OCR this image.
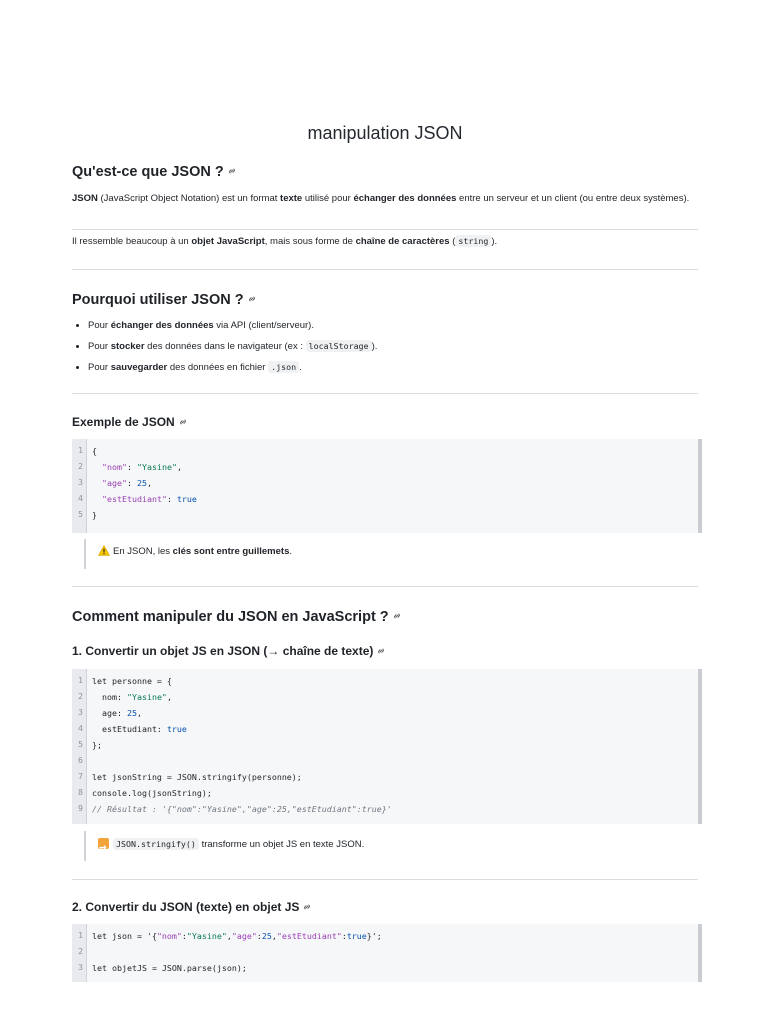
manipulation JSON
Qu'est-ce que JSON ?

JSON (JavaScript Object Notation) est un format texte utilisé pour échanger des données entre un serveur et un client (ou entre deux systèmes).

Il ressemble beaucoup à un objet JavaScript, mais sous forme de chaîne de caractères ( string ).

Pourquoi utiliser JSON ?
• Pour échanger des données via API (client/serveur).
• Pour stocker des données dans le navigateur (ex : localStorage ).
• Pour sauvegarder des données en fichier .json .
Exemple de JSON
1 {
2	"nom": "Yasine",
3	"age": 25,
4	"estEtudiant": true
5 }
En JSON, les clés sont entre guillemets.
Comment manipuler du JSON en JavaScript ?
1. Convertir un objet JS en JSON (→ chaîne de texte)
1 let personne = {
2 nom: "Yasine",
3 age: 25,
4 estEtudiant: true
5 };
6
7 let jsonString = JSON.stringify(personne);
8 console.log(jsonString);
9 // Résultat : '{"nom":"Yasine","age":25,"estEtudiant":true}'
⇄JSON.stringify() transforme un objet JS en texte JSON.
2. Convertir du JSON (texte) en objet JS
1 let json = '{"nom":"Yasine","age":25,"estEtudiant":true}';
2
3 let objetJS = JSON.parse(json);
